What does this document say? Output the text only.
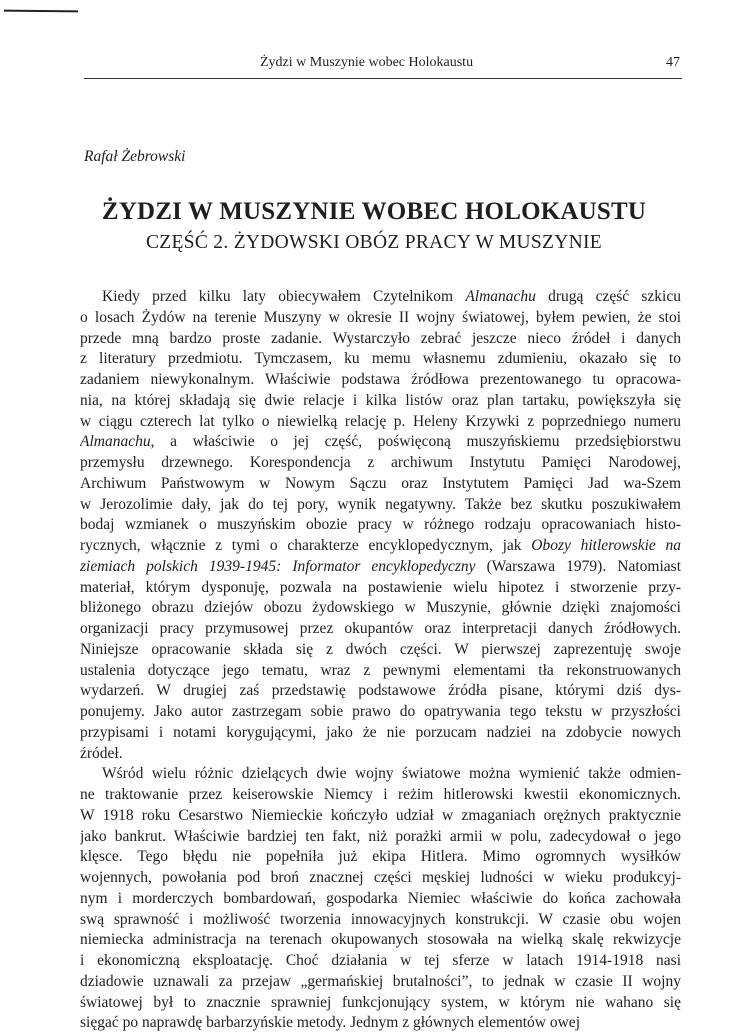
Żydzi w Muszynie wobec Holokaustu	47
Rafał Żebrowski
ŻYDZI W MUSZYNIE WOBEC HOLOKAUSTU
CZĘŚĆ 2. ŻYDOWSKI OBÓZ PRACY W MUSZYNIE

Kiedy przed kilku laty obiecywałem Czytelnikom Almanachu drugą część szkicu
o losach Żydów na terenie Muszyny w okresie II wojny światowej, byłem pewien, że stoi
przede mną bardzo proste zadanie. Wystarczyło zebrać jeszcze nieco źródeł i danych
z literatury przedmiotu. Tymczasem, ku memu własnemu zdumieniu, okazało się to
zadaniem niewykonalnym. Właściwie podstawa źródłowa prezentowanego tu opracowa-
nia, na której składają się dwie relacje i kilka listów oraz plan tartaku, powiększyła się
w ciągu czterech lat tylko o niewielką relację p. Heleny Krzywki z poprzedniego numeru
Almanachu, a właściwie o jej część, poświęconą muszyńskiemu przedsiębiorstwu
przemysłu drzewnego. Korespondencja z archiwum Instytutu Pamięci Narodowej,
Archiwum Państwowym w Nowym Sączu oraz Instytutem Pamięci Jad wa-Szem
w Jerozolimie dały, jak do tej pory, wynik negatywny. Także bez skutku poszukiwałem
bodaj wzmianek o muszyńskim obozie pracy w różnego rodzaju opracowaniach histo-
rycznych, włącznie z tymi o charakterze encyklopedycznym, jak Obozy hitlerowskie na
ziemiach polskich 1939-1945: Informator encyklopedyczny (Warszawa 1979). Natomiast
materiał, którym dysponuję, pozwala na postawienie wielu hipotez i stworzenie przy-
bliżonego obrazu dziejów obozu żydowskiego w Muszynie, głównie dzięki znajomości
organizacji pracy przymusowej przez okupantów oraz interpretacji danych źródłowych.
Niniejsze opracowanie składa się z dwóch części. W pierwszej zaprezentuję swoje
ustalenia dotyczące jego tematu, wraz z pewnymi elementami tła rekonstruowanych
wydarzeń. W drugiej zaś przedstawię podstawowe źródła pisane, którymi dziś dys-
ponujemy. Jako autor zastrzegam sobie prawo do opatrywania tego tekstu w przyszłości
przypisami i notami korygującymi, jako że nie porzucam nadziei na zdobycie nowych
źródeł.

Wśród wielu różnic dzielących dwie wojny światowe można wymienić także odmien-
ne traktowanie przez keiserowskie Niemcy i reżim hitlerowski kwestii ekonomicznych.
W 1918 roku Cesarstwo Niemieckie kończyło udział w zmaganiach orężnych praktycznie
jako bankrut. Właściwie bardziej ten fakt, niż porażki armii w polu, zadecydował o jego
klęsce. Tego błędu nie popełniła już ekipa Hitlera. Mimo ogromnych wysiłków
wojennych, powołania pod broń znacznej części męskiej ludności w wieku produkcyj-
nym i morderczych bombardowań, gospodarka Niemiec właściwie do końca zachowała
swą sprawność i możliwość tworzenia innowacyjnych konstrukcji. W czasie obu wojen
niemiecka administracja na terenach okupowanych stosowała na wielką skalę rekwizycje
i ekonomiczną eksploatację. Choć działania w tej sferze w latach 1914-1918 nasi
dziadowie uznawali za przejaw „germańskiej brutalności”, to jednak w czasie II wojny
światowej był to znacznie sprawniej funkcjonujący system, w którym nie wahano się
sięgać po naprawdę barbarzyńskie metody. Jednym z głównych elementów owej
